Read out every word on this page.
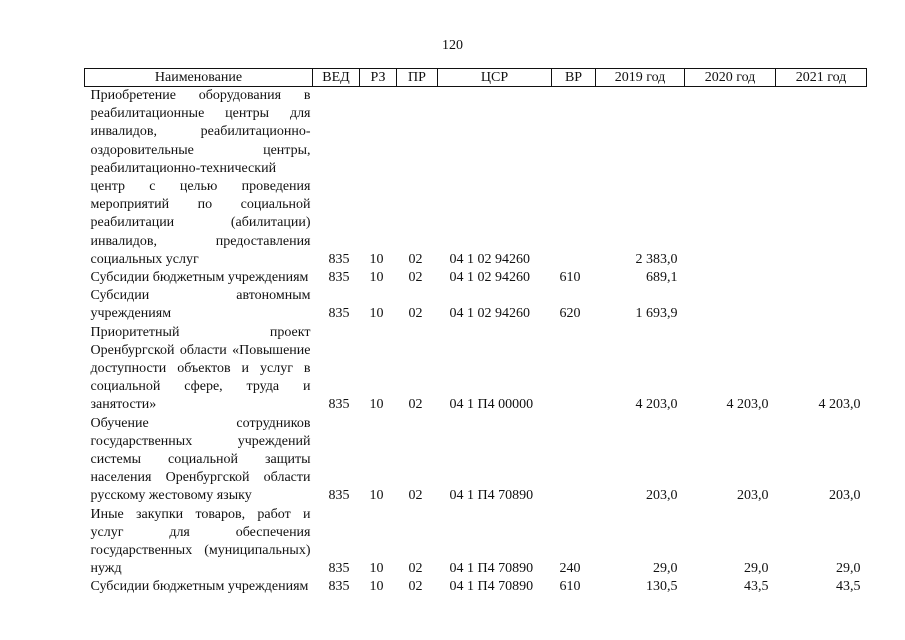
120
Наименование	ВЕД	РЗ	ПР	ЦСР	ВР	2019 год	2020 год	2021 год
Приобретение оборудования в реабилитационные центры для инвалидов, реабилитационно-оздоровительные центры, реабилитационно-технический центр с целью проведения мероприятий по социальной реабилитации (абилитации) инвалидов, предоставления социальных услуг	835	10	02	04 1 02 94260		2 383,0		
Субсидии бюджетным учреждениям	835	10	02	04 1 02 94260	610	689,1		
Субсидии автономным учреждениям	835	10	02	04 1 02 94260	620	1 693,9		
Приоритетный проект Оренбургской области «Повышение доступности объектов и услуг в социальной сфере, труда и занятости»	835	10	02	04 1 П4 00000		4 203,0	4 203,0	4 203,0
Обучение сотрудников государственных учреждений системы социальной защиты населения Оренбургской области русскому жестовому языку	835	10	02	04 1 П4 70890		203,0	203,0	203,0
Иные закупки товаров, работ и услуг для обеспечения государственных (муниципальных) нужд	835	10	02	04 1 П4 70890	240	29,0	29,0	29,0
Субсидии бюджетным учреждениям	835	10	02	04 1 П4 70890	610	130,5	43,5	43,5
